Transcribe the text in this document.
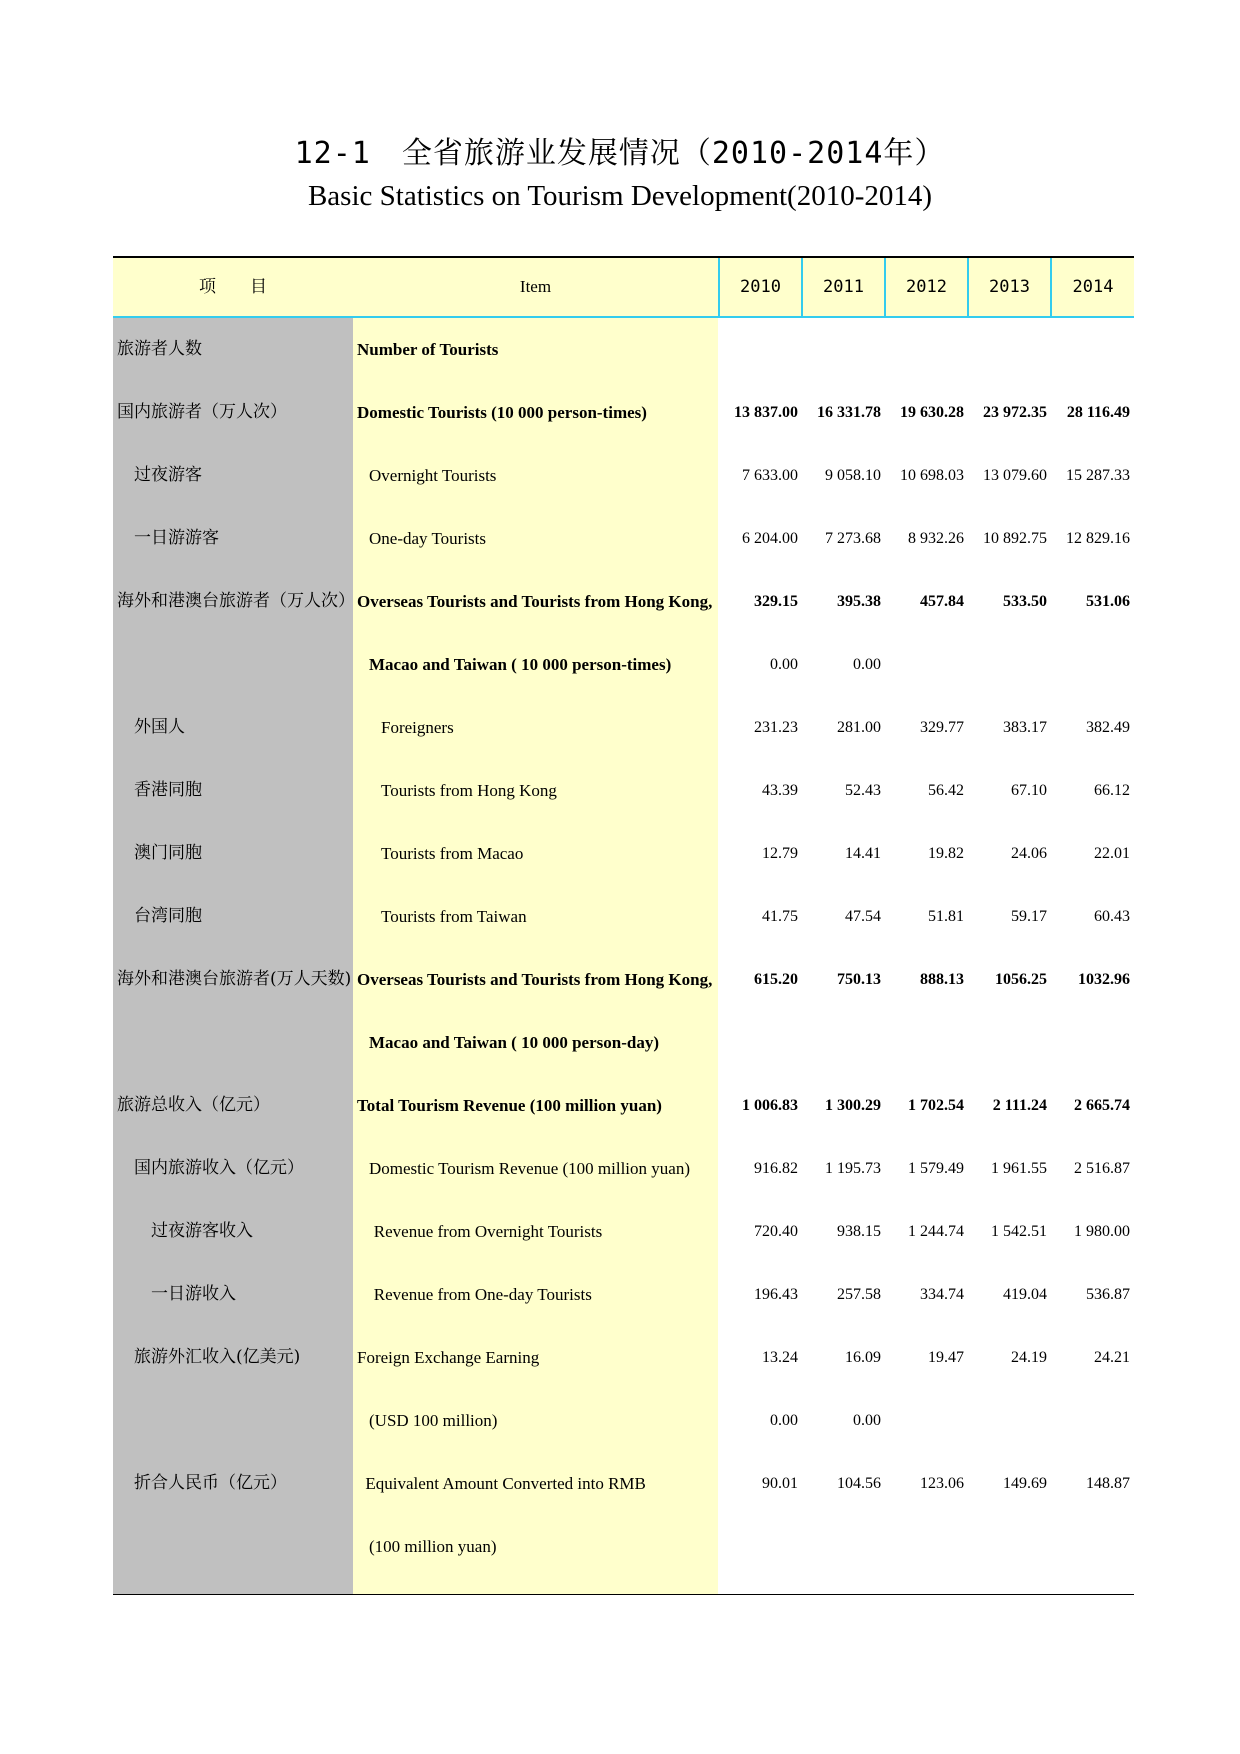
12-1　 全省旅游业发展情况（2010-2014年）
Basic Statistics on Tourism Development(2010-2014)
项　　目	Item	2010	2011	2012	2013	2014
旅游者人数	Number of Tourists
国内旅游者（万人次）	Domestic Tourists (10 000 person-times)	13 837.00	16 331.78	19 630.28	23 972.35	28 116.49
过夜游客	Overnight Tourists	7 633.00	9 058.10	10 698.03	13 079.60	15 287.33
一日游游客	One-day Tourists	6 204.00	7 273.68	8 932.26	10 892.75	12 829.16
海外和港澳台旅游者（万人次） Overseas Tourists and Tourists from Hong Kong,	329.15	395.38	457.84	533.50	531.06
Macao and Taiwan ( 10 000 person-times)	0.00	0.00
外国人	Foreigners	231.23	281.00	329.77	383.17	382.49
香港同胞	Tourists from Hong Kong	43.39	52.43	56.42	67.10	66.12
澳门同胞	Tourists from Macao	12.79	14.41	19.82	24.06	22.01
台湾同胞	Tourists from Taiwan	41.75	47.54	51.81	59.17	60.43
海外和港澳台旅游者(万人天数) Overseas Tourists and Tourists from Hong Kong,	615.20	750.13	888.13	1056.25	1032.96
Macao and Taiwan ( 10 000 person-day)
旅游总收入（亿元）	Total Tourism Revenue (100 million yuan)	1 006.83	1 300.29	1 702.54	2 111.24	2 665.74
国内旅游收入（亿元）	Domestic Tourism Revenue (100 million yuan)	916.82	1 195.73	1 579.49	1 961.55	2 516.87
过夜游客收入	Revenue from Overnight Tourists	720.40	938.15	1 244.74	1 542.51	1 980.00
一日游收入	Revenue from One-day Tourists	196.43	257.58	334.74	419.04	536.87
旅游外汇收入(亿美元)	Foreign Exchange Earning	13.24	16.09	19.47	24.19	24.21
(USD 100 million)	0.00	0.00
折合人民币（亿元）	Equivalent Amount Converted into RMB	90.01	104.56	123.06	149.69	148.87
(100 million yuan)
